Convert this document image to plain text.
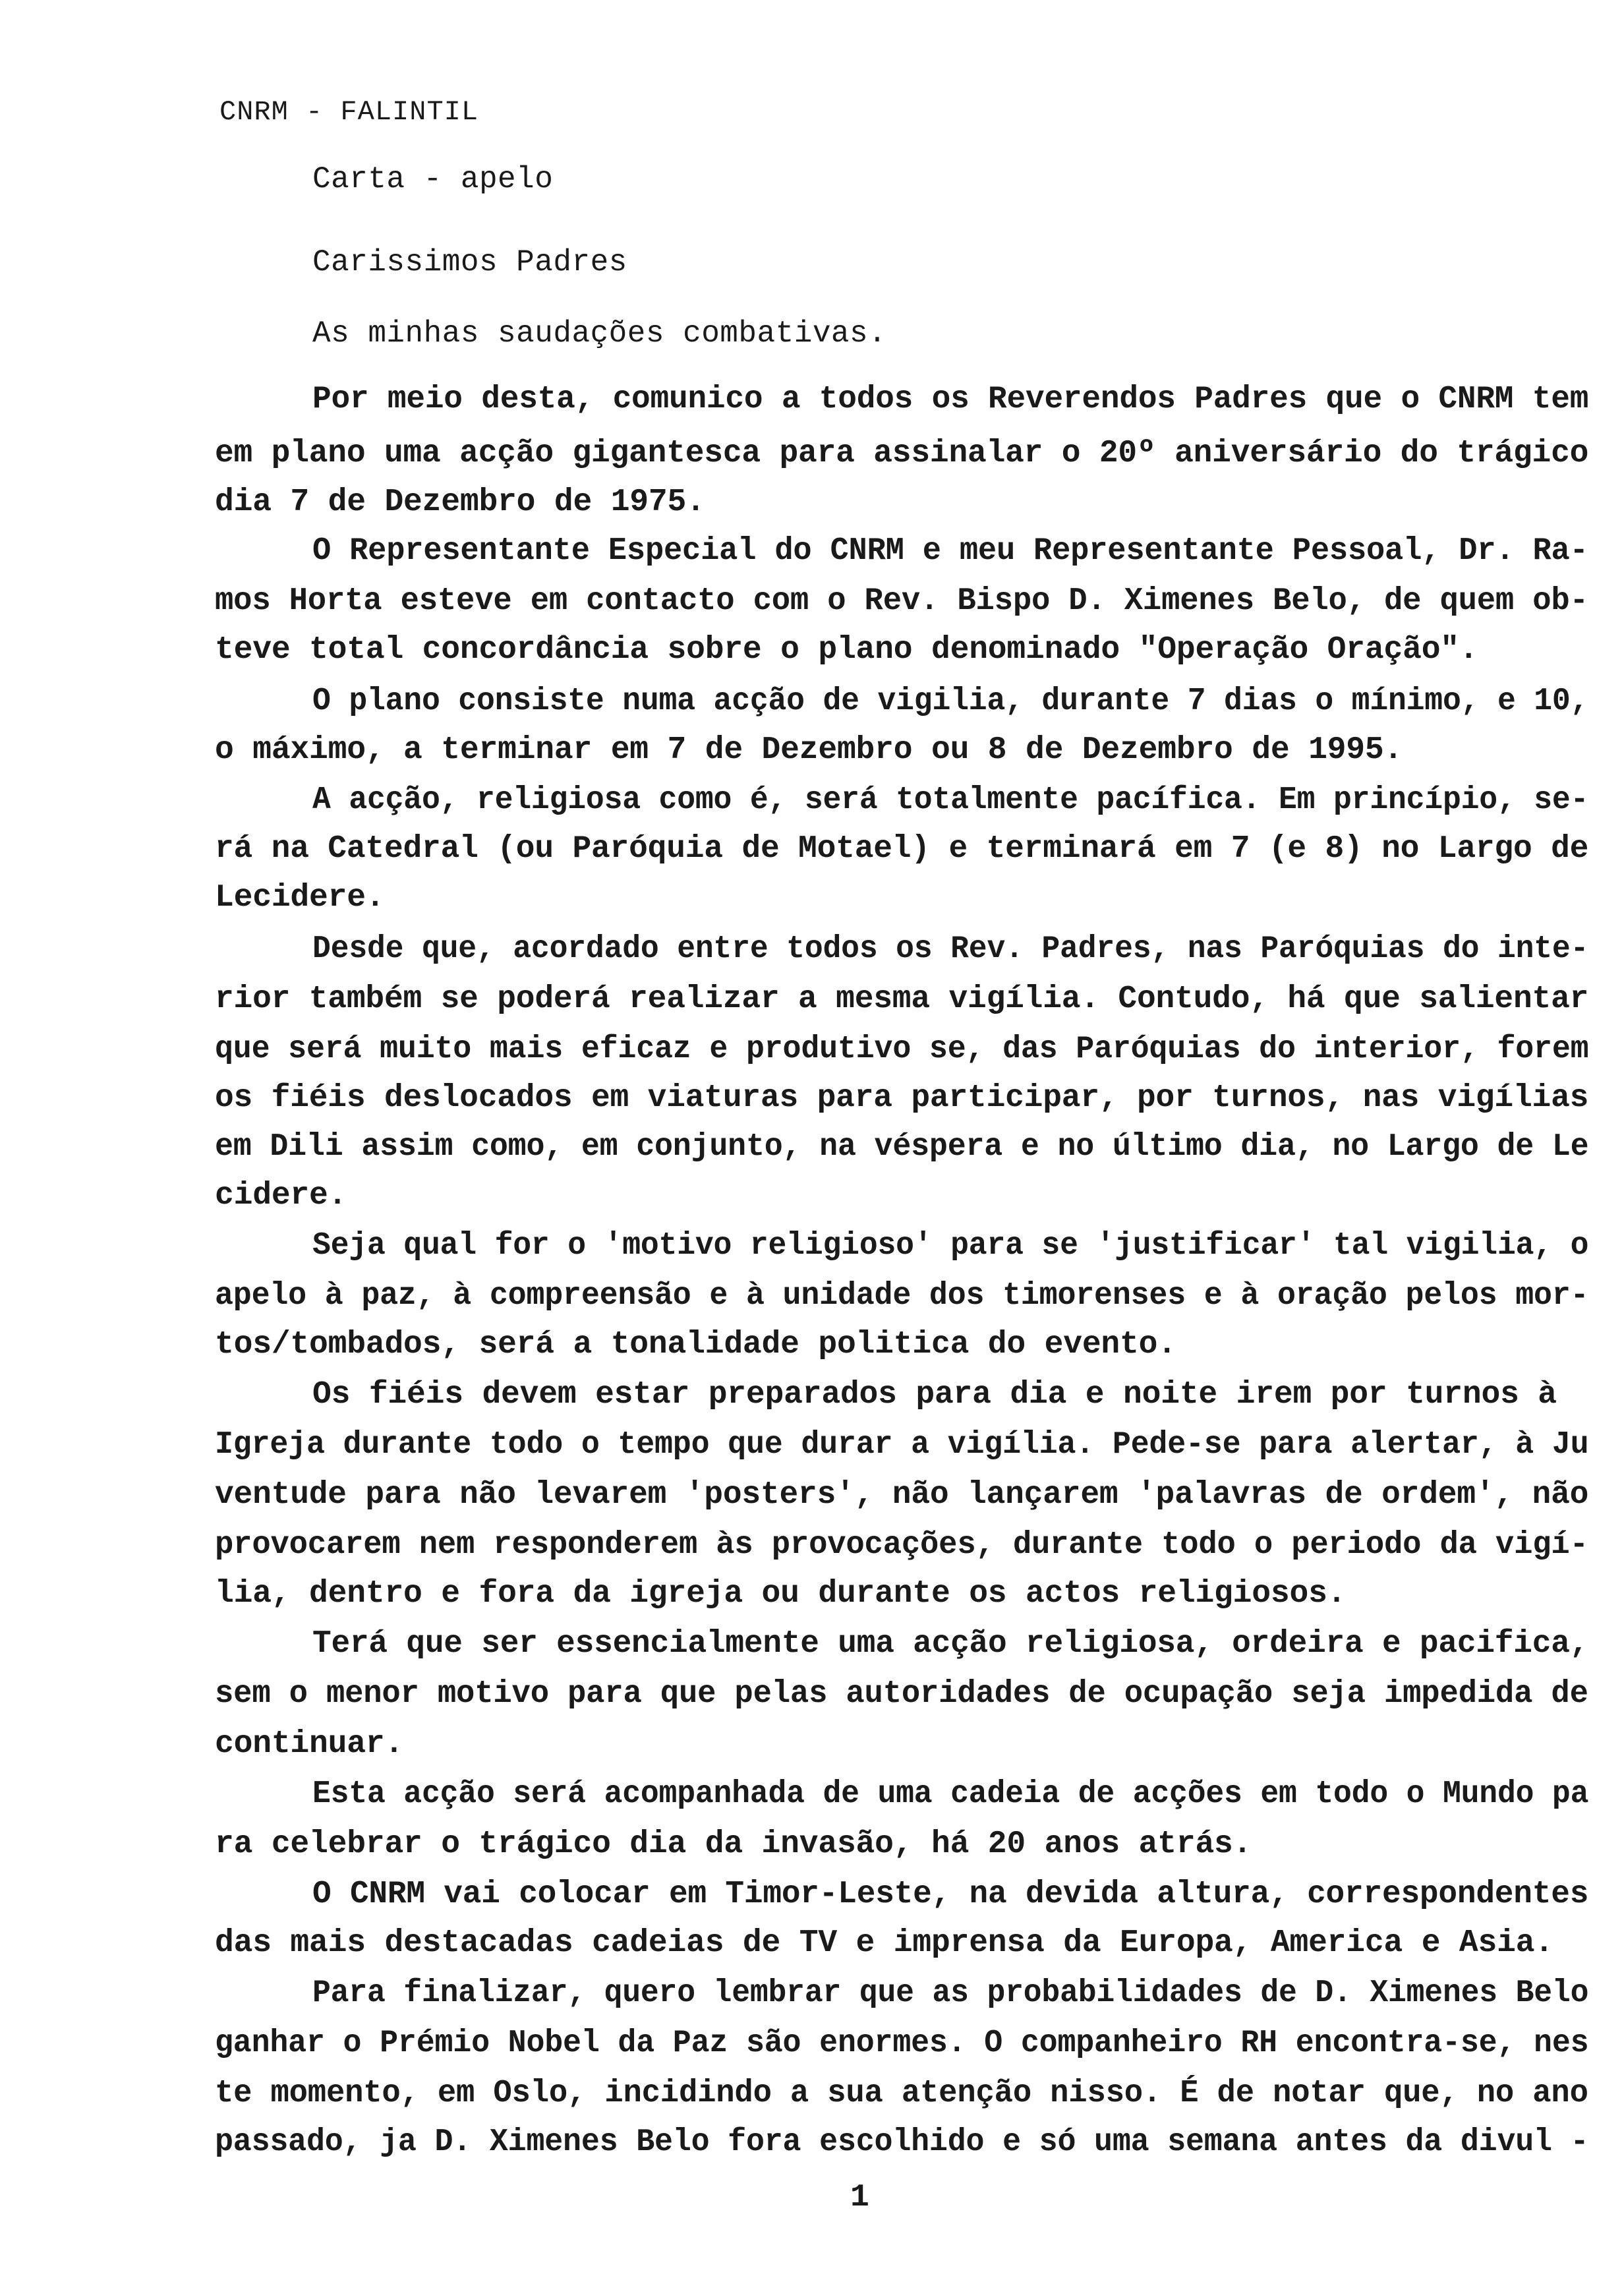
CNRM - FALINTIL

Carta - apelo

Carissimos Padres

As minhas saudações combativas.

Por meio desta, comunico a todos os Reverendos Padres que o CNRM tem

em plano uma acção gigantesca para assinalar o 20º aniversário do trágico

dia 7 de Dezembro de 1975.

O Representante Especial do CNRM e meu Representante Pessoal, Dr. Ra-

mos Horta esteve em contacto com o Rev. Bispo D. Ximenes Belo, de quem ob-

teve total concordância sobre o plano denominado "Operação Oração".

O plano consiste numa acção de vigilia, durante 7 dias o mínimo, e 10,

o máximo, a terminar em 7 de Dezembro ou 8 de Dezembro de 1995.

A acção, religiosa como é, será totalmente pacífica. Em princípio, se-

rá na Catedral (ou Paróquia de Motael) e terminará em 7 (e 8) no Largo de

Lecidere.

Desde que, acordado entre todos os Rev. Padres, nas Paróquias do inte-

rior também se poderá realizar a mesma vigília. Contudo, há que salientar

que será muito mais eficaz e produtivo se, das Paróquias do interior, forem

os fiéis deslocados em viaturas para participar, por turnos, nas vigílias

em Dili assim como, em conjunto, na véspera e no último dia, no Largo de Le

cidere.

Seja qual for o 'motivo religioso' para se 'justificar' tal vigilia, o

apelo à paz, à compreensão e à unidade dos timorenses e à oração pelos mor-

tos/tombados, será a tonalidade politica do evento.

Os fiéis devem estar preparados para dia e noite irem por turnos à

Igreja durante todo o tempo que durar a vigília. Pede-se para alertar, à Ju

ventude para não levarem 'posters', não lançarem 'palavras de ordem', não

provocarem nem responderem às provocações, durante todo o periodo da vigí-

lia, dentro e fora da igreja ou durante os actos religiosos.

Terá que ser essencialmente uma acção religiosa, ordeira e pacifica,

sem o menor motivo para que pelas autoridades de ocupação seja impedida de

continuar.

Esta acção será acompanhada de uma cadeia de acções em todo o Mundo pa

ra celebrar o trágico dia da invasão, há 20 anos atrás.

O CNRM vai colocar em Timor-Leste, na devida altura, correspondentes

das mais destacadas cadeias de TV e imprensa da Europa, America e Asia.

Para finalizar, quero lembrar que as probabilidades de D. Ximenes Belo

ganhar o Prémio Nobel da Paz são enormes. O companheiro RH encontra-se, nes

te momento, em Oslo, incidindo a sua atenção nisso. É de notar que, no ano

passado, ja D. Ximenes Belo fora escolhido e só uma semana antes da divul -

1
